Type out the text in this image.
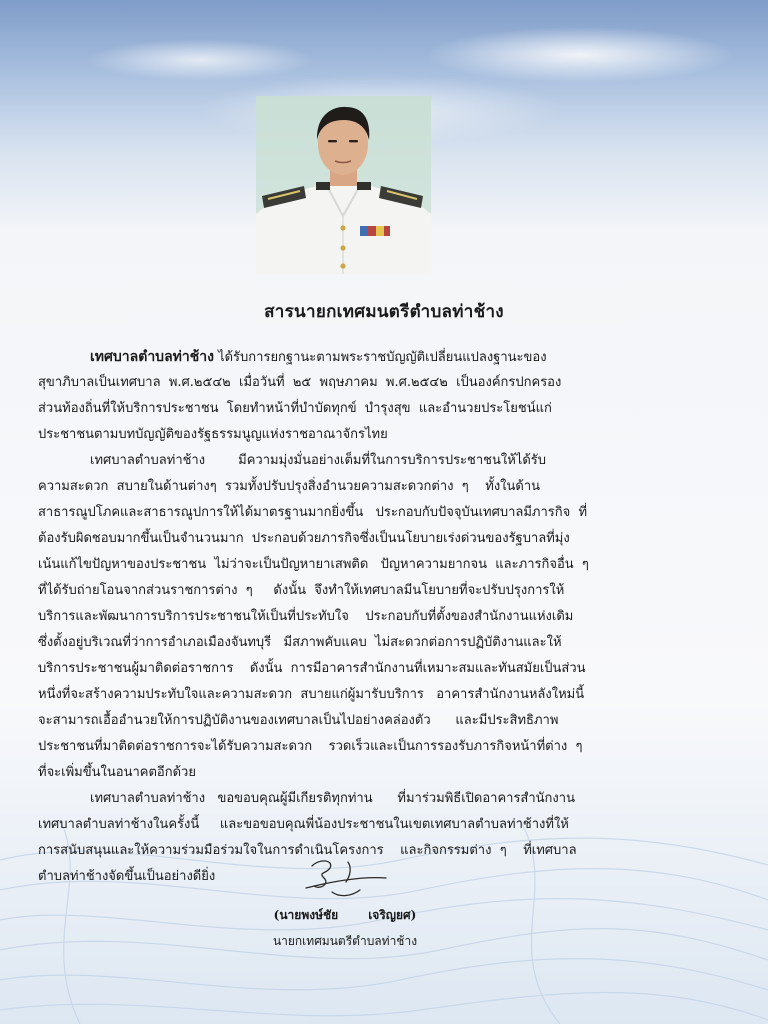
สารนายกเทศมนตรีตำบลท่าช้าง
เทศบาลตำบลท่าช้าง ได้รับการยกฐานะตามพระราชบัญญัติเปลี่ยนแปลงฐานะของ
สุขาภิบาลเป็นเทศบาล  พ.ศ.๒๕๔๒  เมื่อวันที่  ๒๕  พฤษภาคม  พ.ศ.๒๕๔๒  เป็นองค์กรปกครอง
ส่วนท้องถิ่นที่ให้บริการประชาชน  โดยทำหน้าที่บำบัดทุกข์  บำรุงสุข  และอำนวยประโยชน์แก่
ประชาชนตามบทบัญญัติของรัฐธรรมนูญแห่งราชอาณาจักรไทย
เทศบาลตำบลท่าช้าง        มีความมุ่งมั่นอย่างเต็มที่ในการบริการประชาชนให้ได้รับ
ความสะดวก  สบายในด้านต่างๆ  รวมทั้งปรับปรุงสิ่งอำนวยความสะดวกต่าง  ๆ    ทั้งในด้าน
สาธารณูปโภคและสาธารณูปการให้ได้มาตรฐานมากยิ่งขึ้น   ประกอบกับปัจจุบันเทศบาลมีภารกิจ  ที่
ต้องรับผิดชอบมากขึ้นเป็นจำนวนมาก  ประกอบด้วยภารกิจซึ่งเป็นนโยบายเร่งด่วนของรัฐบาลที่มุ่ง
เน้นแก้ไขปัญหาของประชาชน  ไม่ว่าจะเป็นปัญหายาเสพติด   ปัญหาความยากจน  และภารกิจอื่น  ๆ
ที่ได้รับถ่ายโอนจากส่วนราชการต่าง  ๆ     ดังนั้น  จึงทำให้เทศบาลมีนโยบายที่จะปรับปรุงการให้
บริการและพัฒนาการบริการประชาชนให้เป็นที่ประทับใจ    ประกอบกับที่ตั้งของสำนักงานแห่งเดิม
ซึ่งตั้งอยู่บริเวณที่ว่าการอำเภอเมืองจันทบุรี   มีสภาพคับแคบ  ไม่สะดวกต่อการปฏิบัติงานและให้
บริการประชาชนผู้มาติดต่อราชการ    ดังนั้น  การมีอาคารสำนักงานที่เหมาะสมและทันสมัยเป็นส่วน
หนึ่งที่จะสร้างความประทับใจและความสะดวก  สบายแก่ผู้มารับบริการ   อาคารสำนักงานหลังใหม่นี้
จะสามารถเอื้ออำนวยให้การปฏิบัติงานของเทศบาลเป็นไปอย่างคล่องตัว      และมีประสิทธิภาพ
ประชาชนที่มาติดต่อราชการจะได้รับความสะดวก    รวดเร็วและเป็นการรองรับภารกิจหน้าที่ต่าง  ๆ
ที่จะเพิ่มขึ้นในอนาคตอีกด้วย
เทศบาลตำบลท่าช้าง   ขอขอบคุณผู้มีเกียรติทุกท่าน      ที่มาร่วมพิธีเปิดอาคารสำนักงาน
เทศบาลตำบลท่าช้างในครั้งนี้     และขอขอบคุณพี่น้องประชาชนในเขตเทศบาลตำบลท่าช้างที่ให้
การสนับสนุนและให้ความร่วมมือร่วมใจในการดำเนินโครงการ    และกิจกรรมต่าง  ๆ    ที่เทศบาล
ตำบลท่าช้างจัดขึ้นเป็นอย่างดียิ่ง
(นายพงษ์ชัย	เจริญยศ)
นายกเทศมนตรีตำบลท่าช้าง
